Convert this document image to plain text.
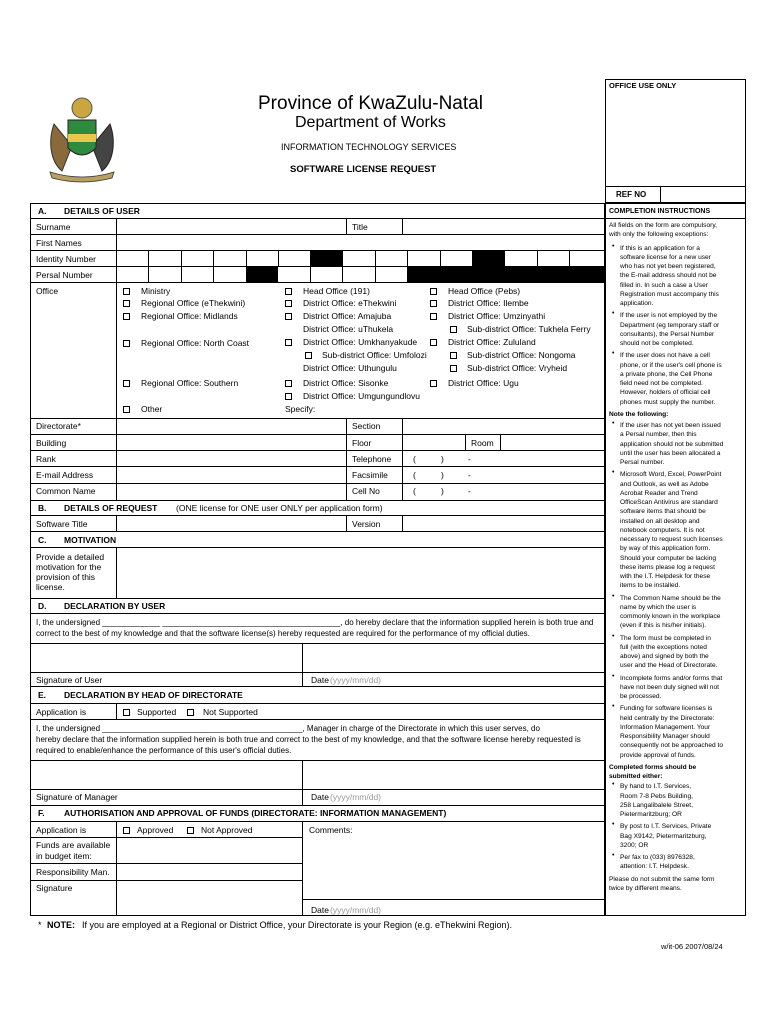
Province of KwaZulu-Natal
Department of Works
INFORMATION TECHNOLOGY SERVICES
SOFTWARE LICENSE REQUEST
OFFICE USE ONLY
REF NO
A. DETAILS OF USER
Surname	Title
First Names
Identity Number
Persal Number
Office	Ministry
Regional Office (eThekwini)
Regional Office: Midlands
Regional Office: North Coast
Regional Office: Southern
Other
Head Office (191)
District Office: eThekwini
District Office: Amajuba
District Office: uThukela
District Office: Umkhanyakude
Sub-district Office: Umfolozi
District Office: Uthungulu
District Office: Sisonke
District Office: Umgungundlovu
Specify:
Head Office (Pebs)
District Office: Ilembe
District Office: Umzinyathi
Sub-district Office: Tukhela Ferry
District Office: Zululand
Sub-district Office: Nongoma
Sub-district Office: Vryheid
District Office: Ugu
Directorate*	Section
Building	Floor	Room
Rank	Telephone	(	)	-
E-mail Address	Facsimile	(	)	-
Common Name	Cell No	(	)	-
B. DETAILS OF REQUEST (ONE license for ONE user ONLY per application form)
Software Title	Version
C. MOTIVATION
Provide a detailed
motivation for the
provision of this
license.
D. DECLARATION BY USER
I, the undersigned _____________ ________________________________________, do hereby declare that the information supplied herein is both true and
correct to the best of my knowledge and that the software license(s) hereby requested are required for the performance of my official duties.
Signature of User	Date (yyyy/mm/dd)
E. DECLARATION BY HEAD OF DIRECTORATE
Application is	Supported	Not Supported
I, the undersigned _____________________________________________, Manager in charge of the Directorate in which this user serves, do
hereby declare that the information supplied herein is both true and correct to the best of my knowledge, and that the software license hereby requested is
required to enable/enhance the performance of this user's official duties.
Signature of Manager	Date (yyyy/mm/dd)
F. AUTHORISATION AND APPROVAL OF FUNDS (DIRECTORATE: INFORMATION MANAGEMENT)
Application is	Approved	Not Approved	Comments:
Funds are available
in budget item:
Responsibility Man.
Signature
Date (yyyy/mm/dd)
* NOTE: If you are employed at a Regional or District Office, your Directorate is your Region (e.g. eThekwini Region).
w/it-06 2007/08/24
COMPLETION INSTRUCTIONS
All fields on the form are compulsory,
with only the following exceptions:
• If this is an application for a
software license for a new user
who has not yet been registered,
the E-mail address should not be
filled in. In such a case a User
Registration must accompany this
application.
• If the user is not employed by the
Department (eg temporary staff or
consultants), the Persal Number
should not be completed.
• If the user does not have a cell
phone, or if the user's cell phone is
a private phone, the Cell Phone
field need not be completed.
However, holders of official cell
phones must supply the number.
Note the following:
• If the user has not yet been issued
a Persal number, then this
application should not be submitted
until the user has been allocated a
Persal number.
• Microsoft Word, Excel, PowerPoint
and Outlook, as well as Adobe
Acrobat Reader and Trend
OfficeScan Antivirus are standard
software items that should be
installed on all desktop and
notebook computers. It is not
necessary to request such licenses
by way of this application form.
Should your computer be lacking
these items please log a request
with the I.T. Helpdesk for these
items to be installed.
• The Common Name should be the
name by which the user is
commonly known in the workplace
(even if this is his/her initials).
• The form must be completed in
full (with the exceptions noted
above) and signed by both the
user and the Head of Directorate.
• Incomplete forms and/or forms that
have not been duly signed will not
be processed.
• Funding for software licenses is
held centrally by the Directorate:
Information Management. Your
Responsibility Manager should
consequently not be approached to
provide approval of funds.
Completed forms should be
submitted either:
• By hand to I.T. Services,
Room 7-8 Pebs Building,
258 Langalibalele Street,
Pietermaritzburg; OR
• By post to I.T. Services, Private
Bag X9142, Pietermaritzburg,
3200; OR
• Per fax to (033) 8976328,
attention: I.T. Helpdesk.
Please do not submit the same form
twice by different means.
